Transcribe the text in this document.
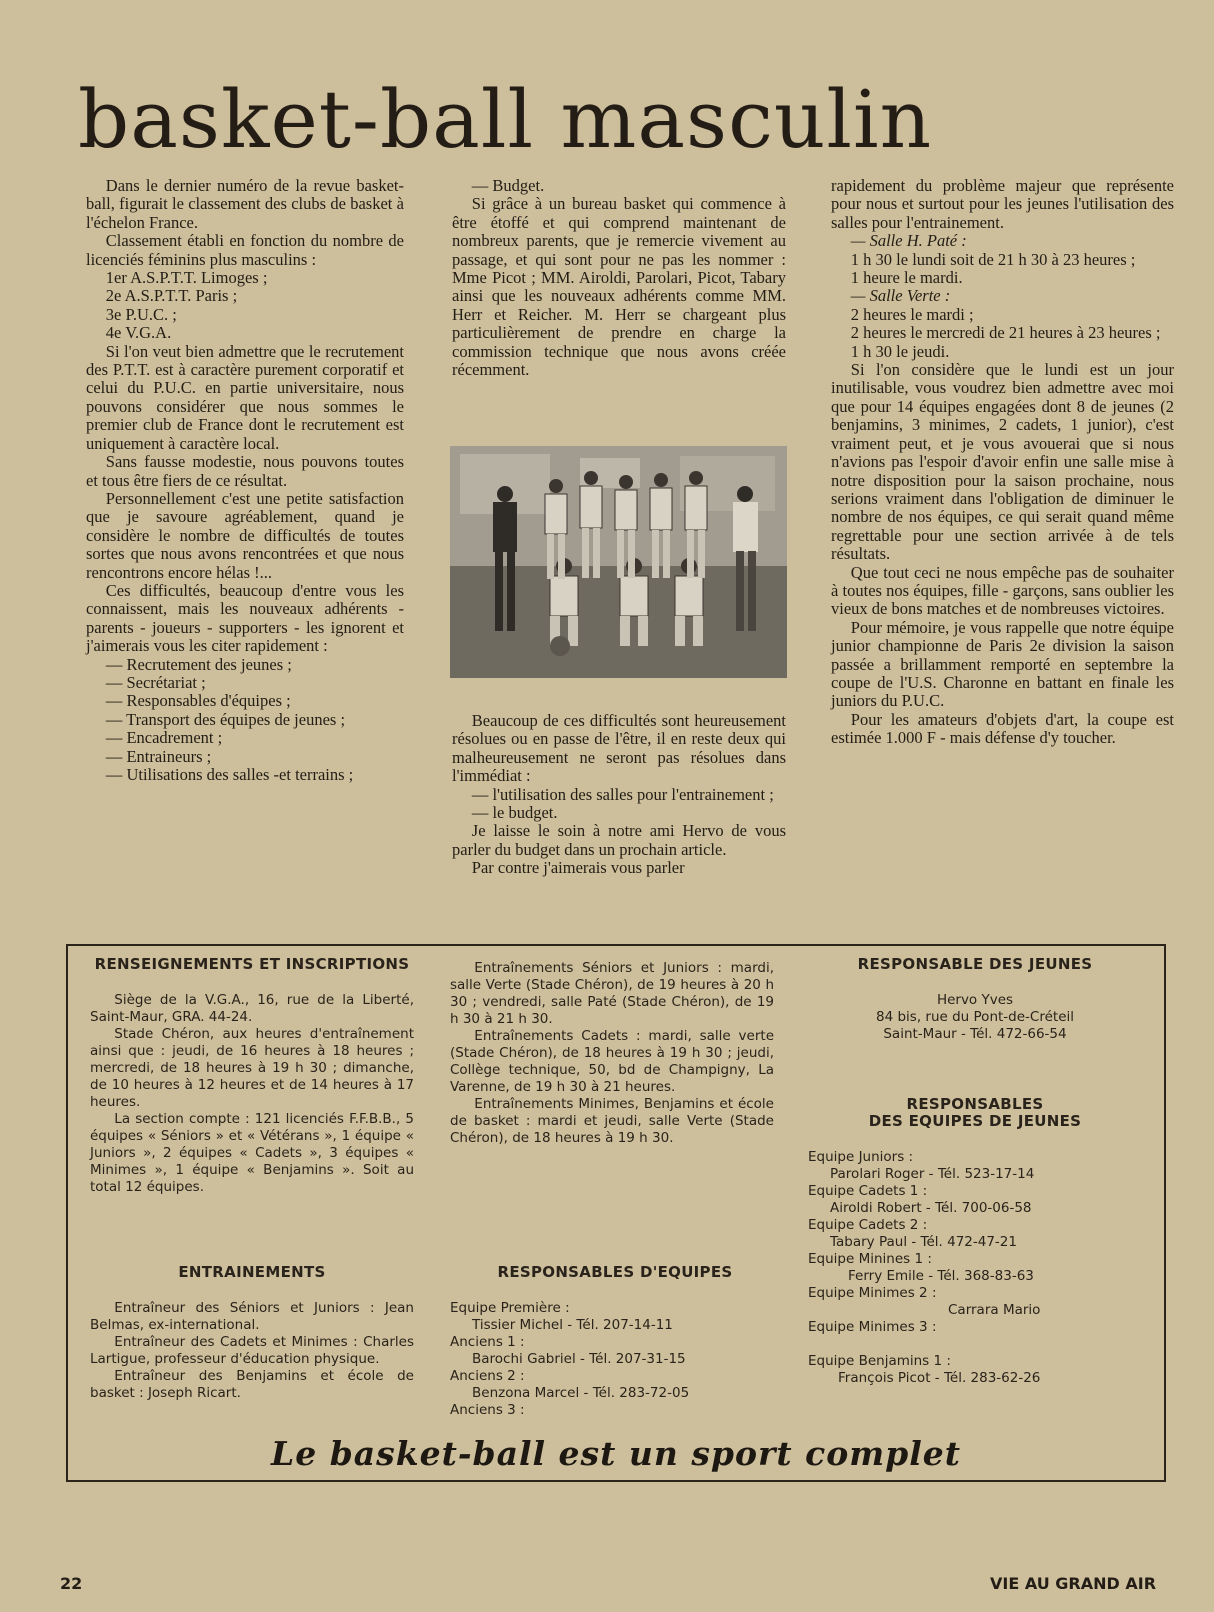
basket-ball masculin

Dans le dernier numéro de la revue basket-ball, figurait le classement des clubs de basket à l'échelon France.

Classement établi en fonction du nombre de licenciés féminins plus masculins :

1er A.S.P.T.T. Limoges ;

2e A.S.P.T.T. Paris ;

3e P.U.C. ;

4e V.G.A.

Si l'on veut bien admettre que le recrutement des P.T.T. est à caractère purement corporatif et celui du P.U.C. en partie universitaire, nous pouvons considérer que nous sommes le premier club de France dont le recrutement est uniquement à caractère local.

Sans fausse modestie, nous pouvons toutes et tous être fiers de ce résultat.

Personnellement c'est une petite satisfaction que je savoure agréablement, quand je considère le nombre de difficultés de toutes sortes que nous avons rencontrées et que nous rencontrons encore hélas !...

Ces difficultés, beaucoup d'entre vous les connaissent, mais les nouveaux adhérents - parents - joueurs - supporters - les ignorent et j'aimerais vous les citer rapidement :

— Recrutement des jeunes ;

— Secrétariat ;

— Responsables d'équipes ;

— Transport des équipes de jeunes ;

— Encadrement ;

— Entraineurs ;

— Utilisations des salles -et terrains ;

— Budget.

Si grâce à un bureau basket qui commence à être étoffé et qui comprend maintenant de nombreux parents, que je remercie vivement au passage, et qui sont pour ne pas les nommer : Mme Picot ; MM. Airoldi, Parolari, Picot, Tabary ainsi que les nouveaux adhérents comme MM. Herr et Reicher. M. Herr se chargeant plus particulièrement de prendre en charge la commission technique que nous avons créée récemment.

Beaucoup de ces difficultés sont heureusement résolues ou en passe de l'être, il en reste deux qui malheureusement ne seront pas résolues dans l'immédiat :

— l'utilisation des salles pour l'entrainement ;

— le budget.

Je laisse le soin à notre ami Hervo de vous parler du budget dans un prochain article.

Par contre j'aimerais vous parler

rapidement du problème majeur que représente pour nous et surtout pour les jeunes l'utilisation des salles pour l'entrainement.

— Salle H. Paté :

1 h 30 le lundi soit de 21 h 30 à 23 heures ;

1 heure le mardi.

— Salle Verte :

2 heures le mardi ;

2 heures le mercredi de 21 heures à 23 heures ;

1 h 30 le jeudi.

Si l'on considère que le lundi est un jour inutilisable, vous voudrez bien admettre avec moi que pour 14 équipes engagées dont 8 de jeunes (2 benjamins, 3 minimes, 2 cadets, 1 junior), c'est vraiment peut, et je vous avouerai que si nous n'avions pas l'espoir d'avoir enfin une salle mise à notre disposition pour la saison prochaine, nous serions vraiment dans l'obligation de diminuer le nombre de nos équipes, ce qui serait quand même regrettable pour une section arrivée à de tels résultats.

Que tout ceci ne nous empêche pas de souhaiter à toutes nos équipes, fille - garçons, sans oublier les vieux de bons matches et de nombreuses victoires.

Pour mémoire, je vous rappelle que notre équipe junior championne de Paris 2e division la saison passée a brillamment remporté en septembre la coupe de l'U.S. Charonne en battant en finale les juniors du P.U.C.

Pour les amateurs d'objets d'art, la coupe est estimée 1.000 F - mais défense d'y toucher.

RENSEIGNEMENTS ET INSCRIPTIONS

Siège de la V.G.A., 16, rue de la Liberté, Saint-Maur, GRA. 44-24.

Stade Chéron, aux heures d'entraînement ainsi que : jeudi, de 16 heures à 18 heures ; mercredi, de 18 heures à 19 h 30 ; dimanche, de 10 heures à 12 heures et de 14 heures à 17 heures.

La section compte : 121 licenciés F.F.B.B., 5 équipes « Séniors » et « Vétérans », 1 équipe « Juniors », 2 équipes « Cadets », 3 équipes « Minimes », 1 équipe « Benjamins ». Soit au total 12 équipes.

ENTRAINEMENTS

Entraîneur des Séniors et Juniors : Jean Belmas, ex-international.

Entraîneur des Cadets et Minimes : Charles Lartigue, professeur d'éducation physique.

Entraîneur des Benjamins et école de basket : Joseph Ricart.

Entraînements Séniors et Juniors : mardi, salle Verte (Stade Chéron), de 19 heures à 20 h 30 ; vendredi, salle Paté (Stade Chéron), de 19 h 30 à 21 h 30.

Entraînements Cadets : mardi, salle verte (Stade Chéron), de 18 heures à 19 h 30 ; jeudi, Collège technique, 50, bd de Champigny, La Varenne, de 19 h 30 à 21 heures.

Entraînements Minimes, Benjamins et école de basket : mardi et jeudi, salle Verte (Stade Chéron), de 18 heures à 19 h 30.

RESPONSABLES D'EQUIPES

Equipe Première :

Tissier Michel - Tél. 207-14-11

Anciens 1 :

Barochi Gabriel - Tél. 207-31-15

Anciens 2 :

Benzona Marcel - Tél. 283-72-05

Anciens 3 :

RESPONSABLE DES JEUNES

Hervo Yves

84 bis, rue du Pont-de-Créteil

Saint-Maur - Tél. 472-66-54

RESPONSABLES

DES EQUIPES DE JEUNES

Equipe Juniors :

Parolari Roger - Tél. 523-17-14

Equipe Cadets 1 :

Airoldi Robert - Tél. 700-06-58

Equipe Cadets 2 :

Tabary Paul - Tél. 472-47-21

Equipe Minines 1 :

Ferry Emile - Tél. 368-83-63

Equipe Minimes 2 :

Carrara Mario

Equipe Minimes 3 :

Equipe Benjamins 1 :

François Picot - Tél. 283-62-26

Le basket-ball est un sport complet
22	VIE AU GRAND AIR
